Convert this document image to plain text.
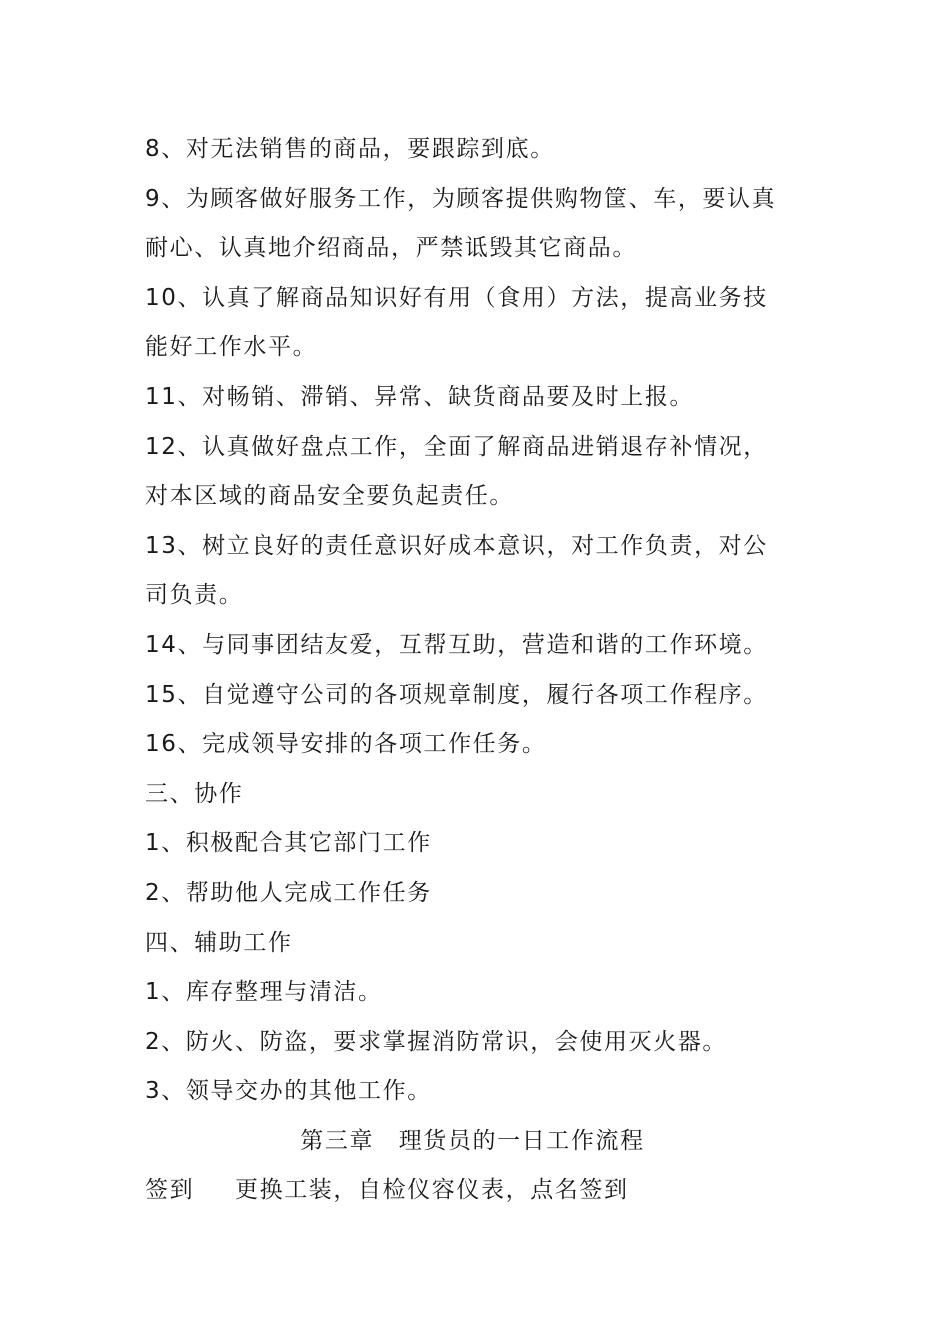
8、对无法销售的商品，要跟踪到底。
9、为顾客做好服务工作，为顾客提供购物筐、车，要认真
耐心、认真地介绍商品，严禁诋毁其它商品。
10、认真了解商品知识好有用（食用）方法，提高业务技
能好工作水平。
11、对畅销、滞销、异常、缺货商品要及时上报。
12、认真做好盘点工作，全面了解商品进销退存补情况，
对本区域的商品安全要负起责任。
13、树立良好的责任意识好成本意识，对工作负责，对公
司负责。
14、与同事团结友爱，互帮互助，营造和谐的工作环境。
15、自觉遵守公司的各项规章制度，履行各项工作程序。
16、完成领导安排的各项工作任务。
三、协作
1、积极配合其它部门工作
2、帮助他人完成工作任务
四、辅助工作
1、库存整理与清洁。
2、防火、防盗，要求掌握消防常识，会使用灭火器。
3、领导交办的其他工作。
第三章　理货员的一日工作流程
签到	更换工装，自检仪容仪表，点名签到
